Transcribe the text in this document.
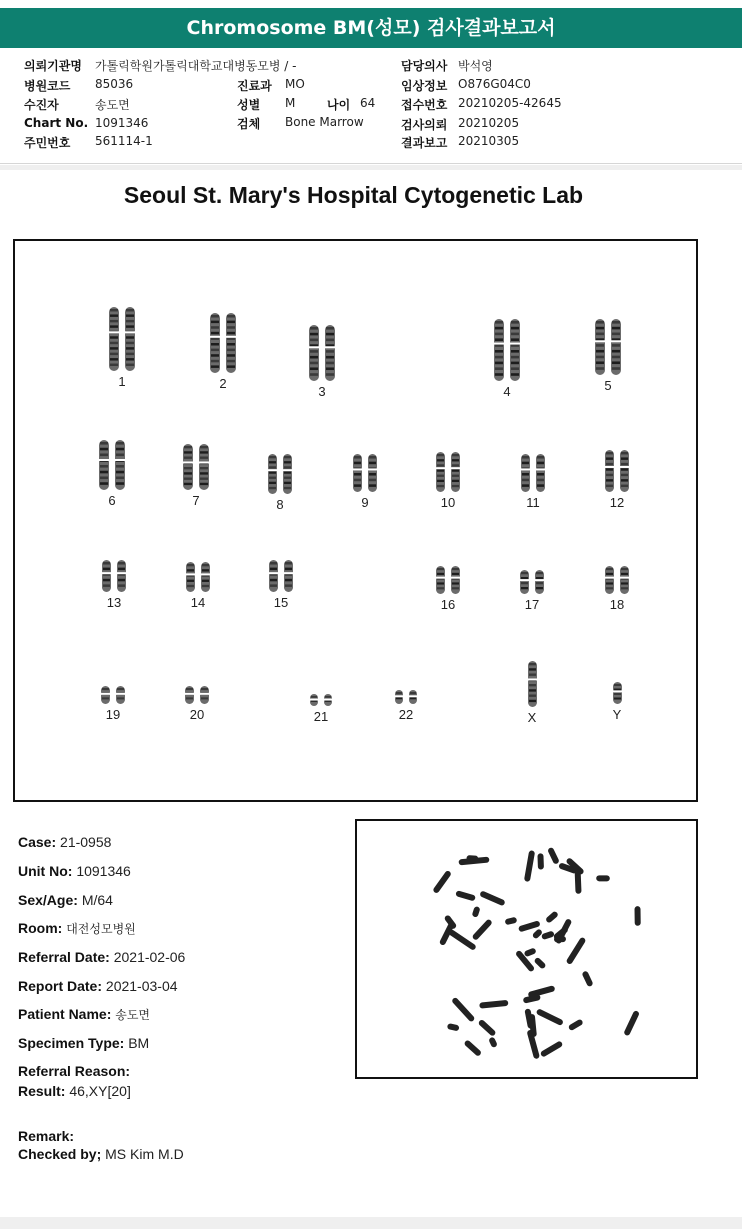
Chromosome BM(성모) 검사결과보고서
의뢰기관명 가톨릭학원가톨릭대학교대병동모병 / -
병원코드 85036
수진자	송도면
Chart No. 1091346
주민번호 561114-1
진료과 MO
성별 M	나이 64
검체 Bone Marrow
담당의사 박석영
임상정보 O876G04C0
접수번호 20210205-42645
검사의뢰 20210205
결과보고 20210305
Seoul St. Mary's Hospital Cytogenetic Lab
1	2
3	4	5
6	7	8	9	10	11	12
13	14	15	16	17	18
19	20	21	22	X	Y
Case: 21-0958
Unit No: 1091346
Sex/Age: M/64
Room: 대전성모병원
Referral Date: 2021-02-06
Report Date: 2021-03-04
Patient Name: 송도면
Specimen Type: BM
Referral Reason:
Result: 46,XY[20]
Remark:
Checked by; MS Kim M.D
